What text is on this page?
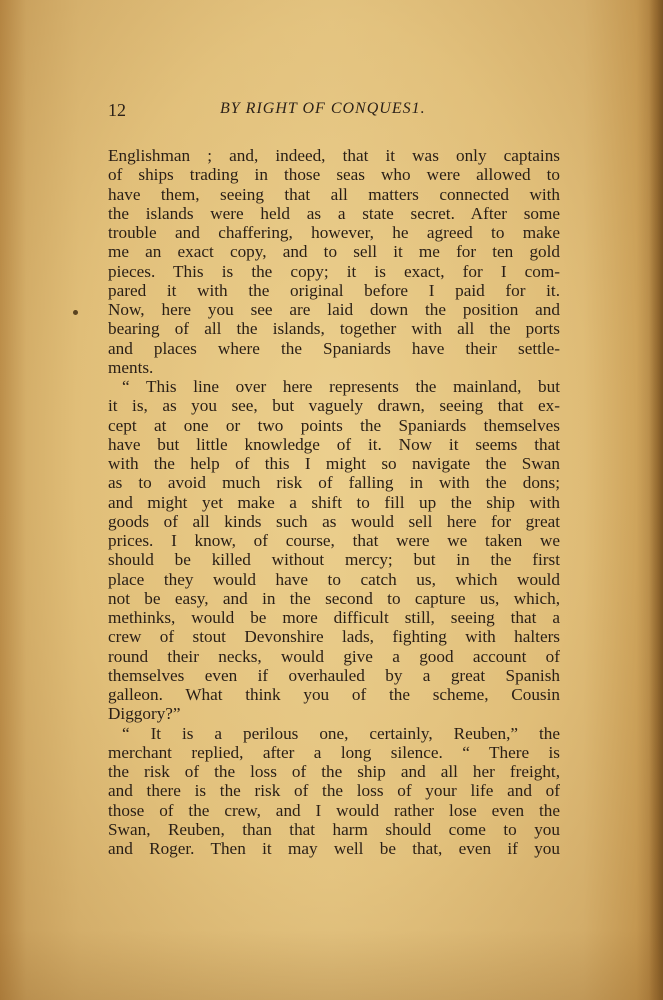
12	BY RIGHT OF CONQUES1.
Englishman ; and, indeed, that it was only captains
of ships trading in those seas who were allowed to
have them, seeing that all matters connected with
the islands were held as a state secret. After some
trouble and chaffering, however, he agreed to make
me an exact copy, and to sell it me for ten gold
pieces. This is the copy; it is exact, for I com-
pared it with the original before I paid for it.
Now, here you see are laid down the position and
bearing of all the islands, together with all the ports
and places where the Spaniards have their settle-
ments.
“ This line over here represents the mainland, but
it is, as you see, but vaguely drawn, seeing that ex-
cept at one or two points the Spaniards themselves
have but little knowledge of it. Now it seems that
with the help of this I might so navigate the Swan
as to avoid much risk of falling in with the dons;
and might yet make a shift to fill up the ship with
goods of all kinds such as would sell here for great
prices. I know, of course, that were we taken we
should be killed without mercy; but in the first
place they would have to catch us, which would
not be easy, and in the second to capture us, which,
methinks, would be more difficult still, seeing that a
crew of stout Devonshire lads, fighting with halters
round their necks, would give a good account of
themselves even if overhauled by a great Spanish
galleon. What think you of the scheme, Cousin
Diggory?”
“ It is a perilous one, certainly, Reuben,” the
merchant replied, after a long silence. “ There is
the risk of the loss of the ship and all her freight,
and there is the risk of the loss of your life and of
those of the crew, and I would rather lose even the
Swan, Reuben, than that harm should come to you
and Roger. Then it may well be that, even if you
